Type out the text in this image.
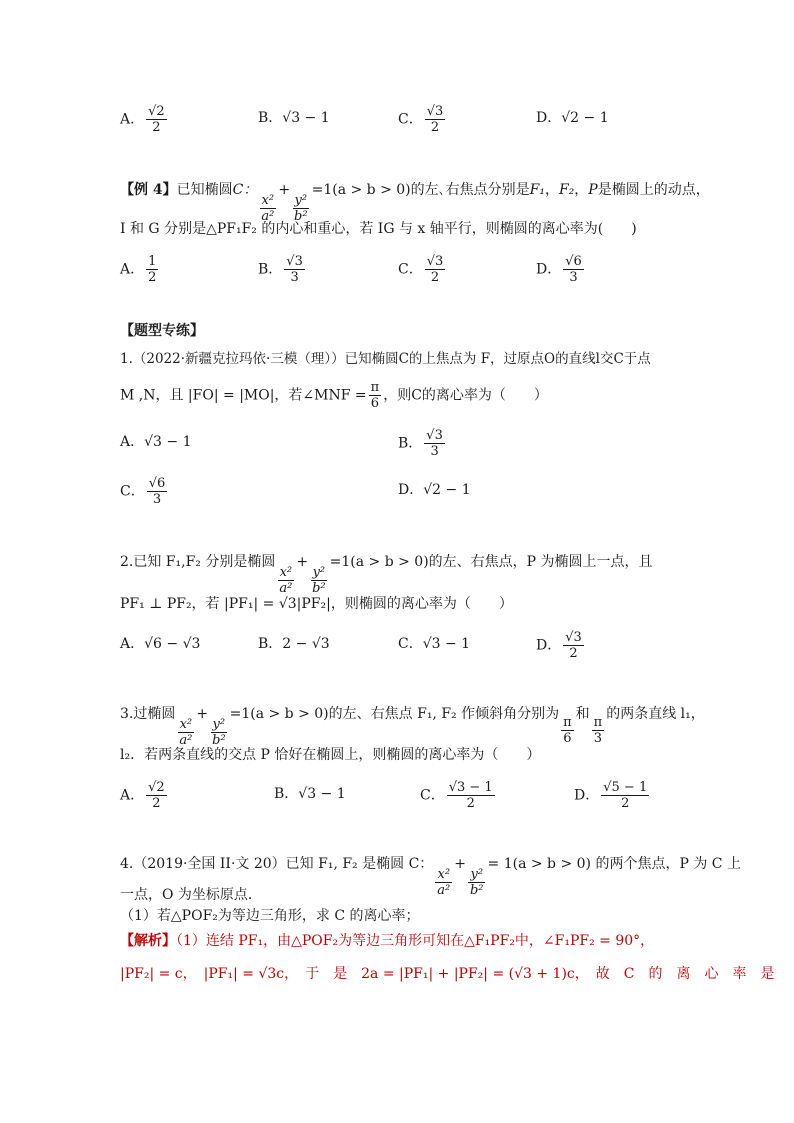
A． $\frac{√2}{2}$	B．√3 − 1	C． $\frac{√3}{2}$	D．√2 − 1
【例 4】已知椭圆C：
$\frac{\text{x²}}{\text{a²}}$
+
$\frac{\text{y²}}{\text{b²}}$
=1(a > b > 0)的左､右焦点分别是F₁，F₂，P是椭圆上的动点，
I 和 G 分别是△PF₁F₂ 的内心和重心，若 IG 与 x 轴平行，则椭圆的离心率为(　　)
A． $\frac{1}{2}$	B． $\frac{√3}{3}$	C． $\frac{√3}{2}$	D． $\frac{√6}{3}$
【题型专练】
1.（2022·新疆克拉玛依·三模（理））已知椭圆C的上焦点为 F，过原点O的直线l交C于点
M ,N，且 |FO| = |MO|，若∠MNF = $\frac{\pi}{6}$ ，则C的离心率为（　　）
A．√3 − 1	B． $\frac{√3}{3}$
C． $\frac{√6}{3}$	D．√2 − 1
2.已知 F₁,F₂ 分别是椭圆
$\frac{\text{x²}}{\text{a²}}$
+
$\frac{\text{y²}}{\text{b²}}$
=1(a > b > 0)的左、右焦点，P 为椭圆上一点，且
PF₁ ⊥ PF₂，若 |PF₁| = √3|PF₂|，则椭圆的离心率为（　　）
A．√6 − √3	B．2 − √3	C．√3 − 1	D． $\frac{√3}{2}$
3.过椭圆
$\frac{\text{x²}}{\text{a²}}$
+
$\frac{\text{y²}}{\text{b²}}$
=1(a > b > 0)的左、右焦点 F₁, F₂ 作倾斜角分别为
$\frac{\pi}{6}$
和
$\frac{\pi}{3}$
的两条直线 l₁，
l₂．若两条直线的交点 P 恰好在椭圆上，则椭圆的离心率为（　　）
A． $\frac{√2}{2}$	B．√3 − 1	C． $\frac{√3 - 1}{2}$	D． $\frac{√5 - 1}{2}$
4.（2019·全国 II·文 20）已知 F₁, F₂ 是椭圆 C：
$\frac{\text{x²}}{\text{a²}}$
+
$\frac{\text{y²}}{\text{b²}}$
= 1(a > b > 0) 的两个焦点，P 为 C 上
一点，O 为坐标原点．
（1）若△POF₂为等边三角形，求 C 的离心率；
【解析】（1）连结 PF₁，由△POF₂为等边三角形可知在△F₁PF₂中，∠F₁PF₂ = 90°，
|PF₂| = c，　|PF₁| = √3c，　于　是　2a = |PF₁| + |PF₂| = (√3 + 1)c，　故　C　的　离　心　率　是
